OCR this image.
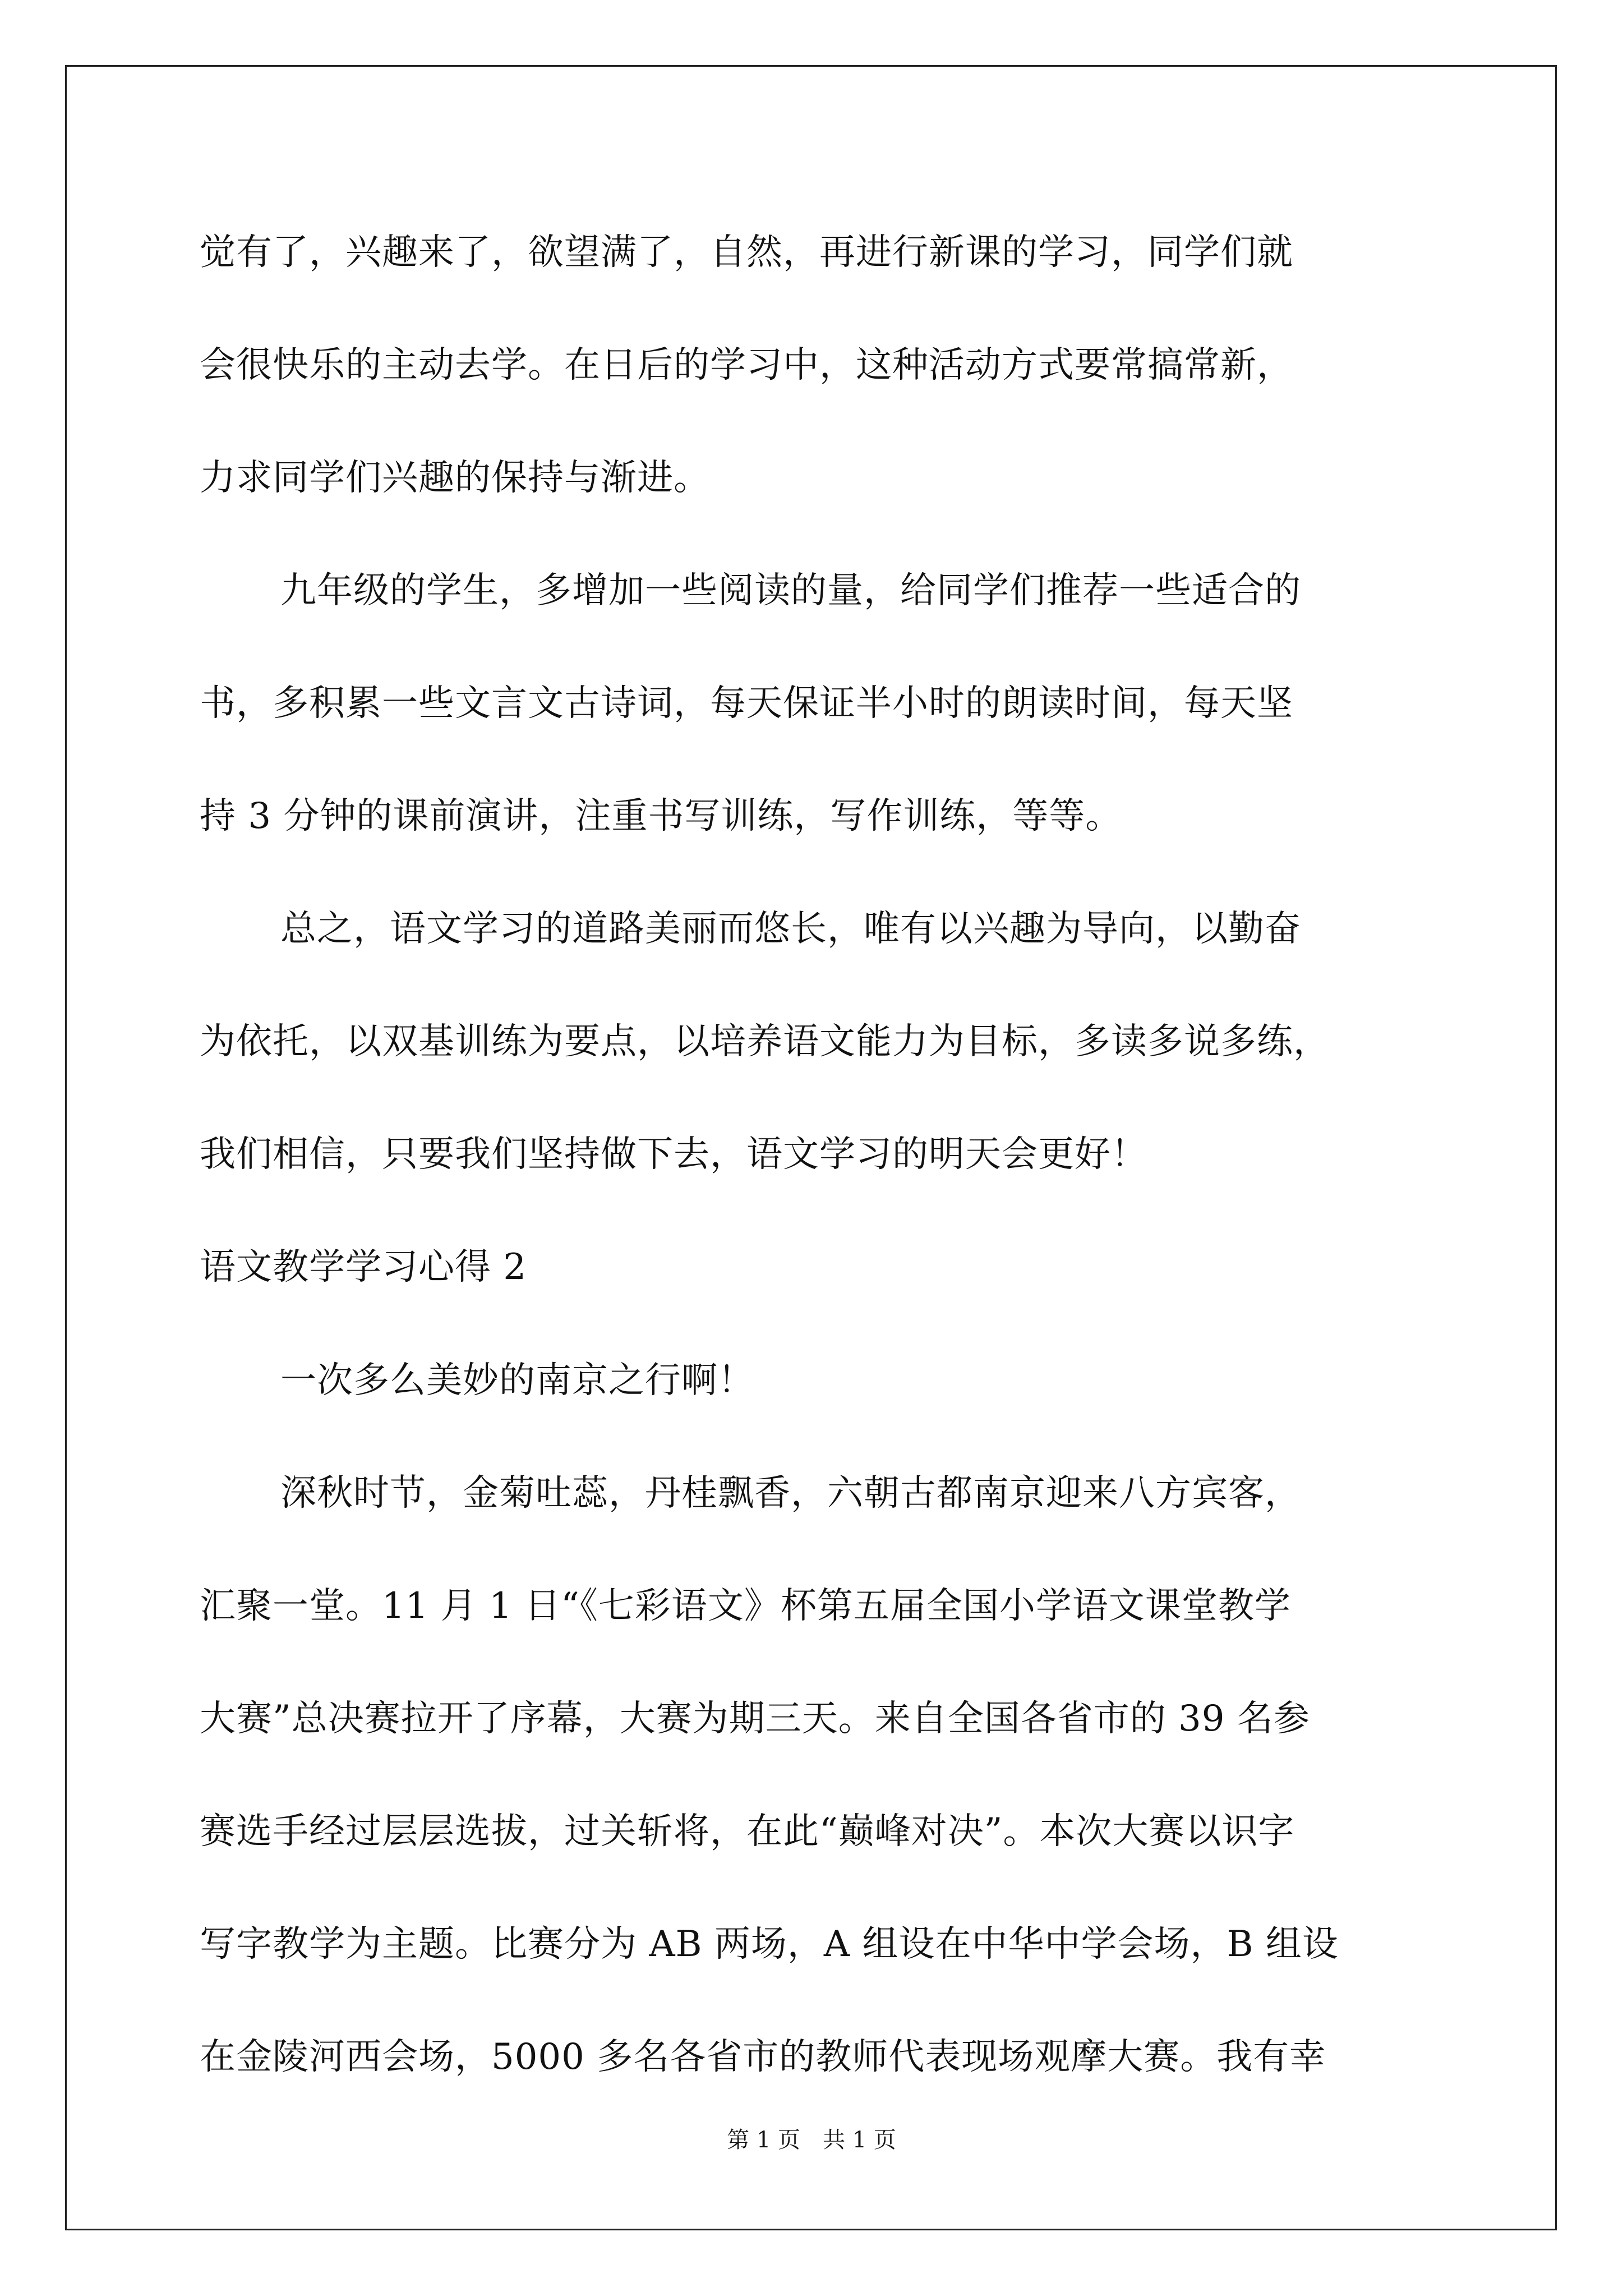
觉有了，兴趣来了，欲望满了，自然，再进行新课的学习，同学们就
会很快乐的主动去学。在日后的学习中，这种活动方式要常搞常新，
力求同学们兴趣的保持与渐进。
九年级的学生，多增加一些阅读的量，给同学们推荐一些适合的
书，多积累一些文言文古诗词，每天保证半小时的朗读时间，每天坚
持 3 分钟的课前演讲，注重书写训练，写作训练，等等。
总之，语文学习的道路美丽而悠长，唯有以兴趣为导向，以勤奋
为依托，以双基训练为要点，以培养语文能力为目标，多读多说多练，
我们相信，只要我们坚持做下去，语文学习的明天会更好！
语文教学学习心得 2
一次多么美妙的南京之行啊！
深秋时节，金菊吐蕊，丹桂飘香，六朝古都南京迎来八方宾客，
汇聚一堂。11 月 1 日“《七彩语文》杯第五届全国小学语文课堂教学
大赛”总决赛拉开了序幕，大赛为期三天。来自全国各省市的 39 名参
赛选手经过层层选拔，过关斩将，在此“巅峰对决”。本次大赛以识字
写字教学为主题。比赛分为 AB 两场，A 组设在中华中学会场，B 组设
在金陵河西会场，5000 多名各省市的教师代表现场观摩大赛。我有幸
第 1 页　共 1 页
